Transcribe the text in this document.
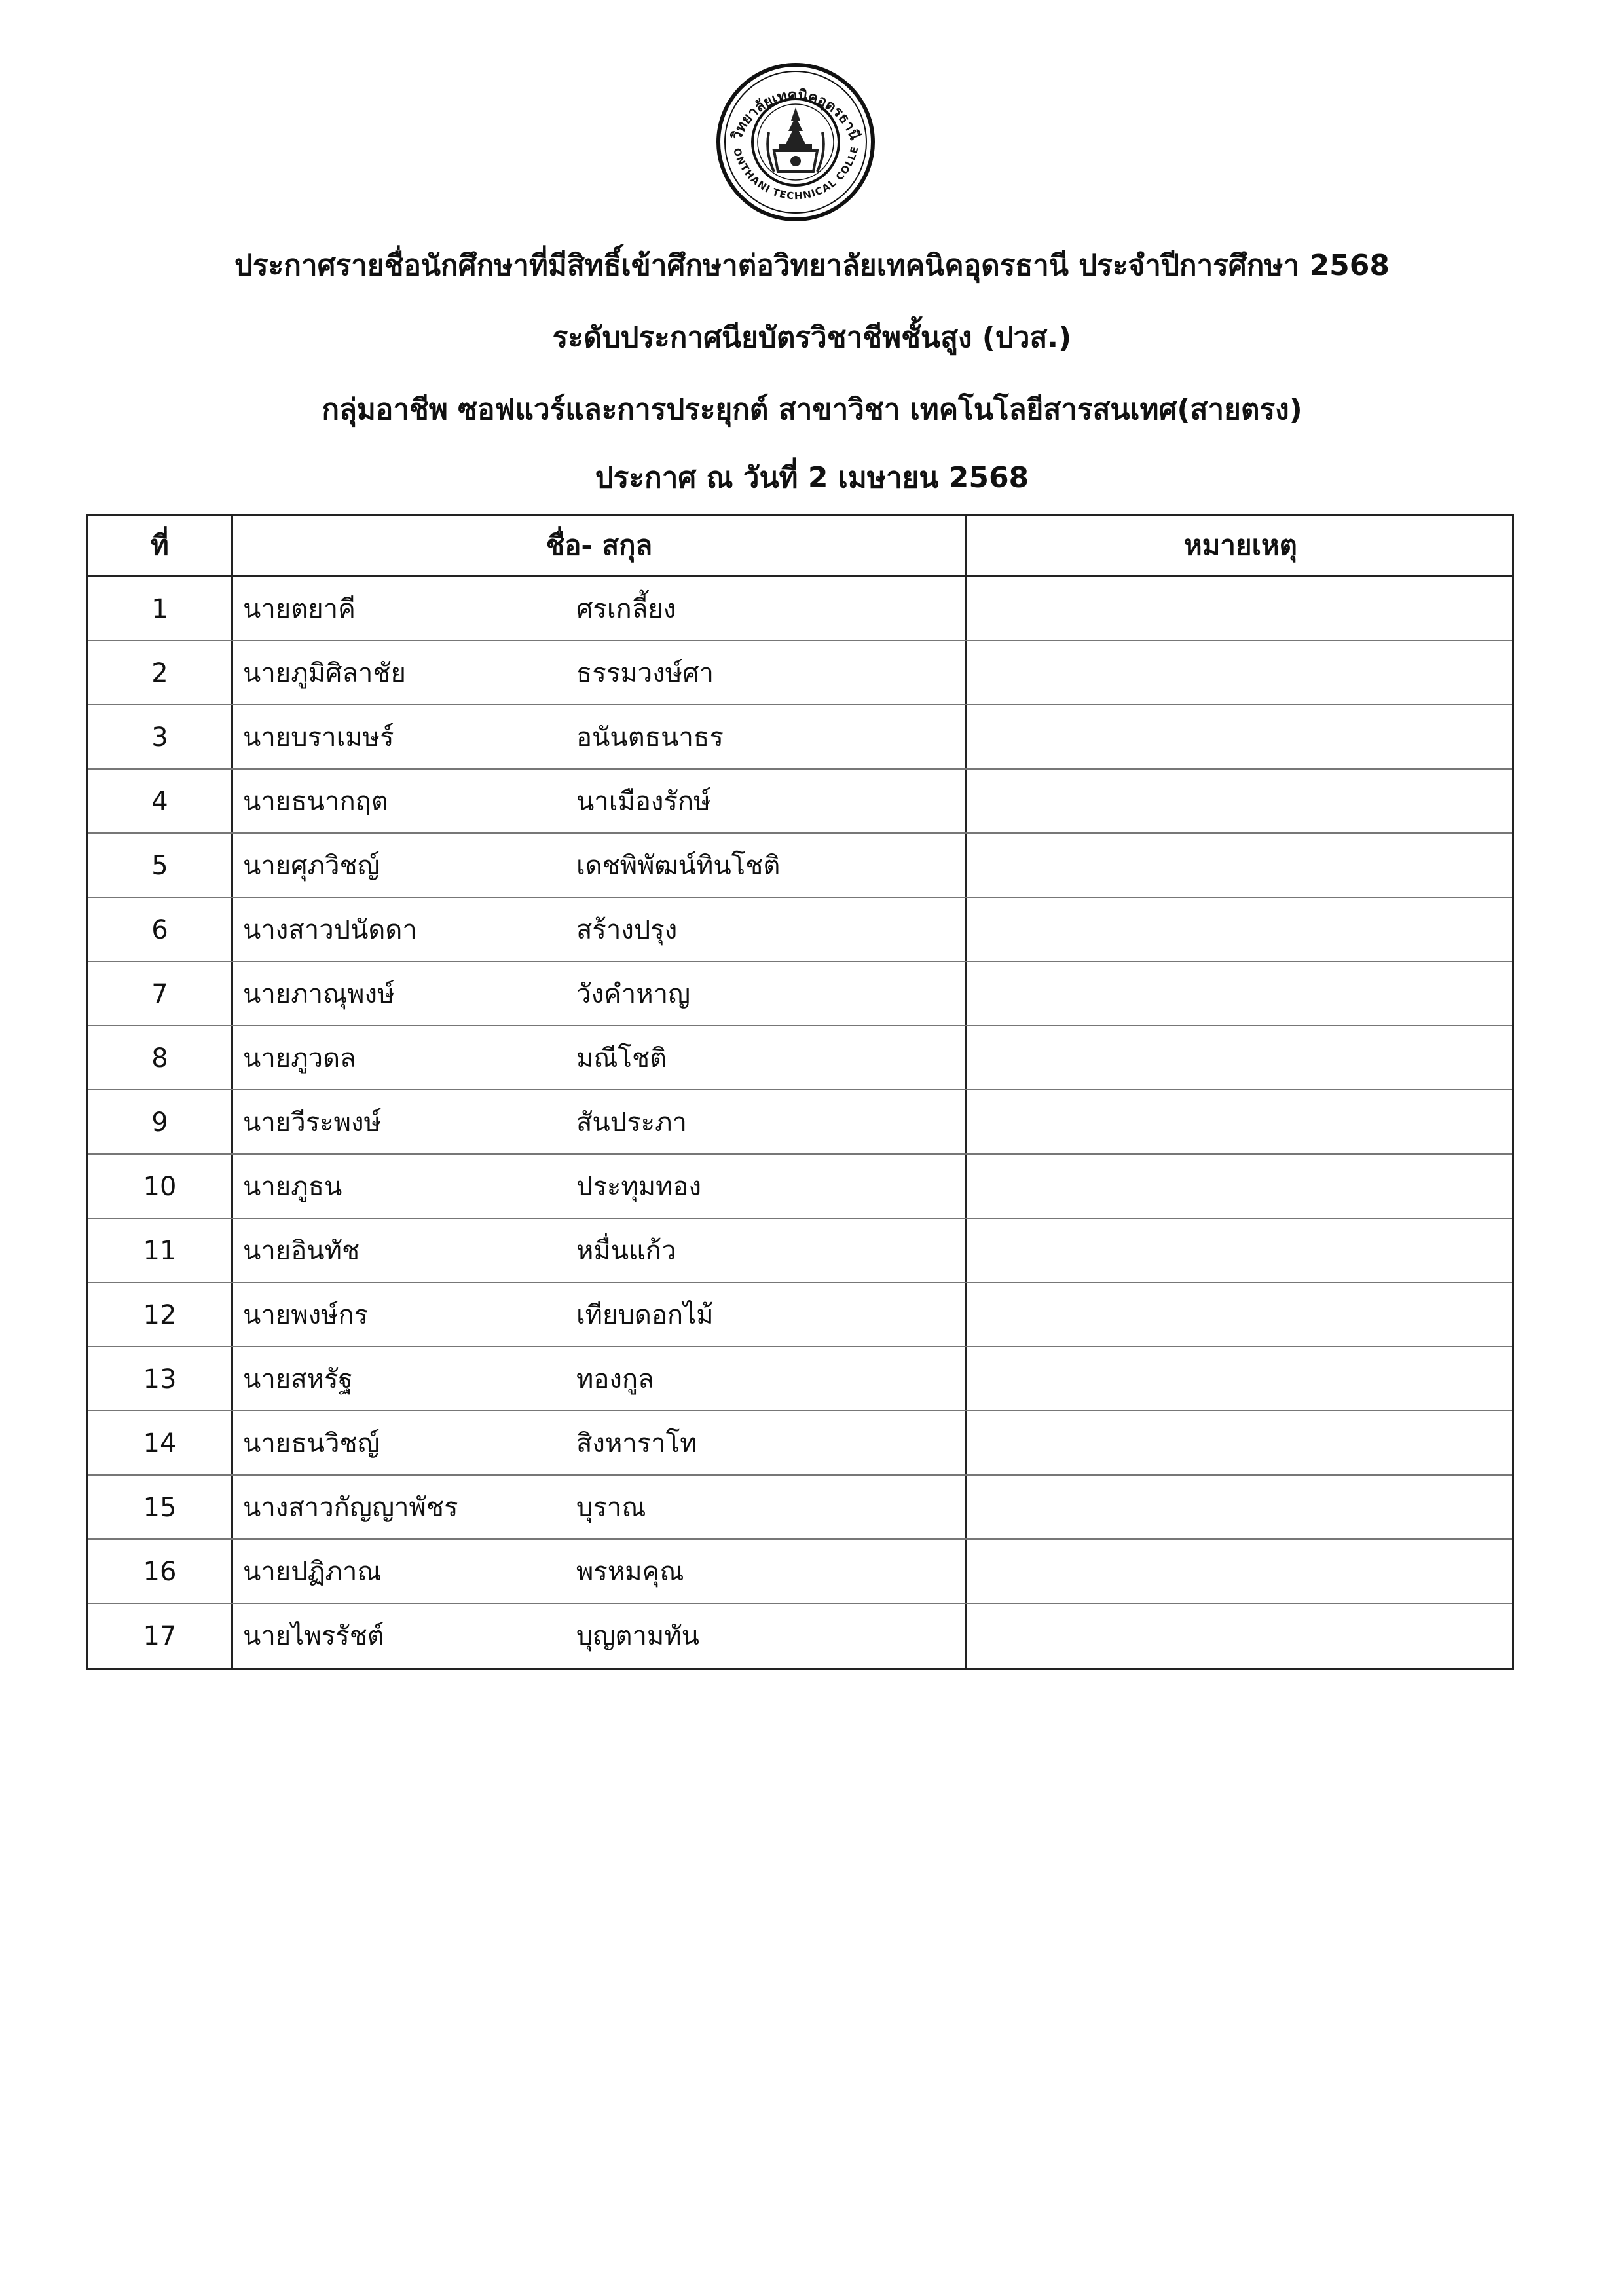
วิทยาลัยเทคนิคอุดรธานี
ONTHANI TECHNICAL COLLE
ประกาศรายชื่อนักศึกษาที่มีสิทธิ์เข้าศึกษาต่อวิทยาลัยเทคนิคอุดรธานี ประจำปีการศึกษา 2568
ระดับประกาศนียบัตรวิชาชีพชั้นสูง (ปวส.)
กลุ่มอาชีพ ซอฟแวร์และการประยุกต์ สาขาวิชา เทคโนโลยีสารสนเทศ(สายตรง)
ประกาศ ณ วันที่ 2 เมษายน 2568
ที่	ชื่อ- สกุล	หมายเหตุ
1	นายตยาคี	ศรเกลี้ยง
2	นายภูมิศิลาชัย	ธรรมวงษ์ศา
3	นายบราเมษร์	อนันตธนาธร
4	นายธนากฤต	นาเมืองรักษ์
5	นายศุภวิชญ์	เดชพิพัฒน์ทินโชติ
6	นางสาวปนัดดา	สร้างปรุง
7	นายภาณุพงษ์	วังคำหาญ
8	นายภูวดล	มณีโชติ
9	นายวีระพงษ์	สันประภา
10	นายภูธน	ประทุมทอง
11	นายอินทัช	หมื่นแก้ว
12	นายพงษ์กร	เทียบดอกไม้
13	นายสหรัฐ	ทองกูล
14	นายธนวิชญ์	สิงหาราโท
15	นางสาวกัญญาพัชร	บุราณ
16	นายปฏิภาณ	พรหมคุณ
17	นายไพรรัชต์	บุญตามทัน
